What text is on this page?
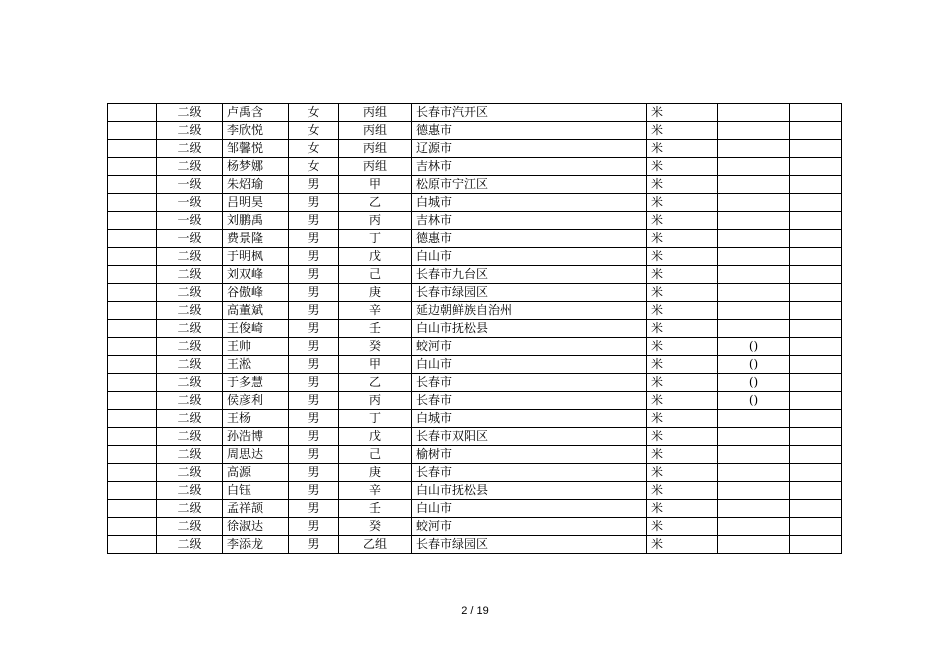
	二级	卢禹含	女	丙组	长春市汽开区	米		
	二级	李欣悦	女	丙组	德惠市	米		
	二级	邹馨悦	女	丙组	辽源市	米		
	二级	杨梦娜	女	丙组	吉林市	米		
	一级	朱炤瑜	男	甲	松原市宁江区	米		
	一级	吕明昊	男	乙	白城市	米		
	一级	刘鹏禹	男	丙	吉林市	米		
	一级	费景隆	男	丁	德惠市	米		
	二级	于明枫	男	戊	白山市	米		
	二级	刘双峰	男	己	长春市九台区	米		
	二级	谷傲峰	男	庚	长春市绿园区	米		
	二级	高董斌	男	辛	延边朝鲜族自治州	米		
	二级	王俊崎	男	壬	白山市抚松县	米		
	二级	王帅	男	癸	蛟河市	米	()	
	二级	王淞	男	甲	白山市	米	()	
	二级	于多慧	男	乙	长春市	米	()	
	二级	侯彦利	男	丙	长春市	米	()	
	二级	王杨	男	丁	白城市	米		
	二级	孙浩博	男	戊	长春市双阳区	米		
	二级	周思达	男	己	榆树市	米		
	二级	高源	男	庚	长春市	米		
	二级	白钰	男	辛	白山市抚松县	米		
	二级	孟祥颉	男	壬	白山市	米		
	二级	徐淑达	男	癸	蛟河市	米		
	二级	李添龙	男	乙组	长春市绿园区	米		
2 / 19
